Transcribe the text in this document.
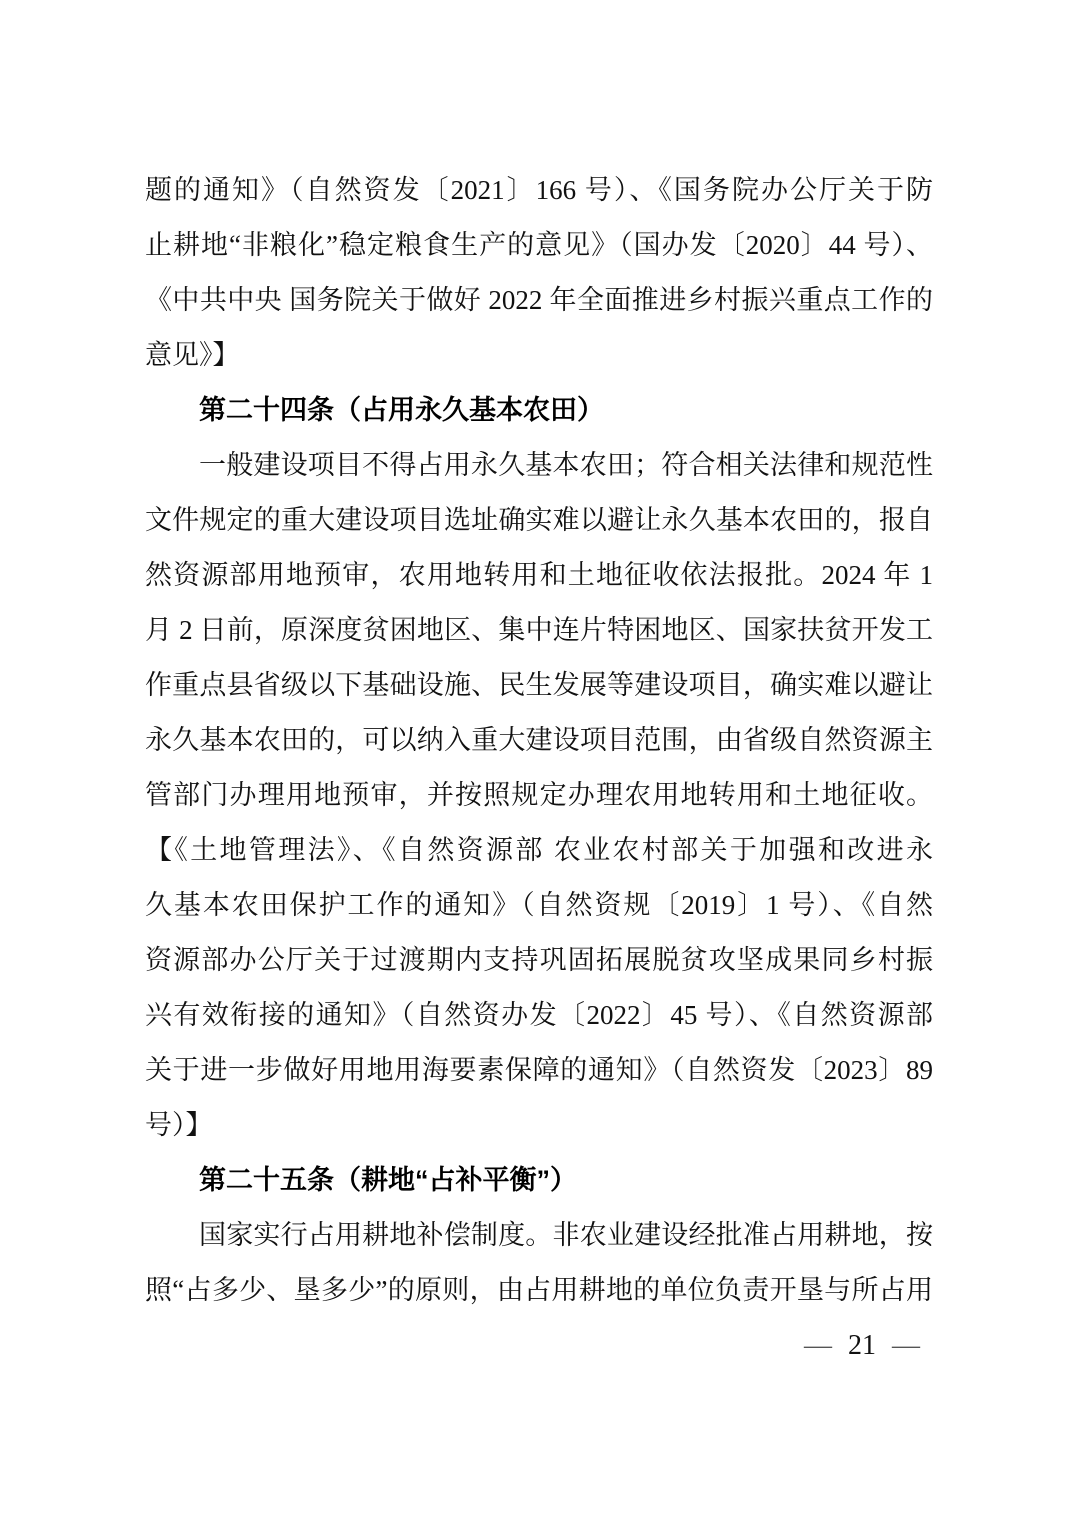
题的通知》（自然资发〔2021〕166 号）、《国务院办公厅关于防
止耕地“非粮化”稳定粮食生产的意见》（国办发〔2020〕44 号）、
《中共中央 国务院关于做好 2022 年全面推进乡村振兴重点工作的
意见》】
第二十四条（占用永久基本农田）
一般建设项目不得占用永久基本农田；符合相关法律和规范性
文件规定的重大建设项目选址确实难以避让永久基本农田的，报自
然资源部用地预审，农用地转用和土地征收依法报批。2024 年 1
月 2 日前，原深度贫困地区、集中连片特困地区、国家扶贫开发工
作重点县省级以下基础设施、民生发展等建设项目，确实难以避让
永久基本农田的，可以纳入重大建设项目范围，由省级自然资源主
管部门办理用地预审，并按照规定办理农用地转用和土地征收。
【《土地管理法》、《自然资源部 农业农村部关于加强和改进永
久基本农田保护工作的通知》（自然资规〔2019〕1 号）、《自然
资源部办公厅关于过渡期内支持巩固拓展脱贫攻坚成果同乡村振
兴有效衔接的通知》（自然资办发〔2022〕45 号）、《自然资源部
关于进一步做好用地用海要素保障的通知》（自然资发〔2023〕89
号）】
第二十五条（耕地“占补平衡”）
国家实行占用耕地补偿制度。非农业建设经批准占用耕地，按
照“占多少、垦多少”的原则，由占用耕地的单位负责开垦与所占用
— 21 —
